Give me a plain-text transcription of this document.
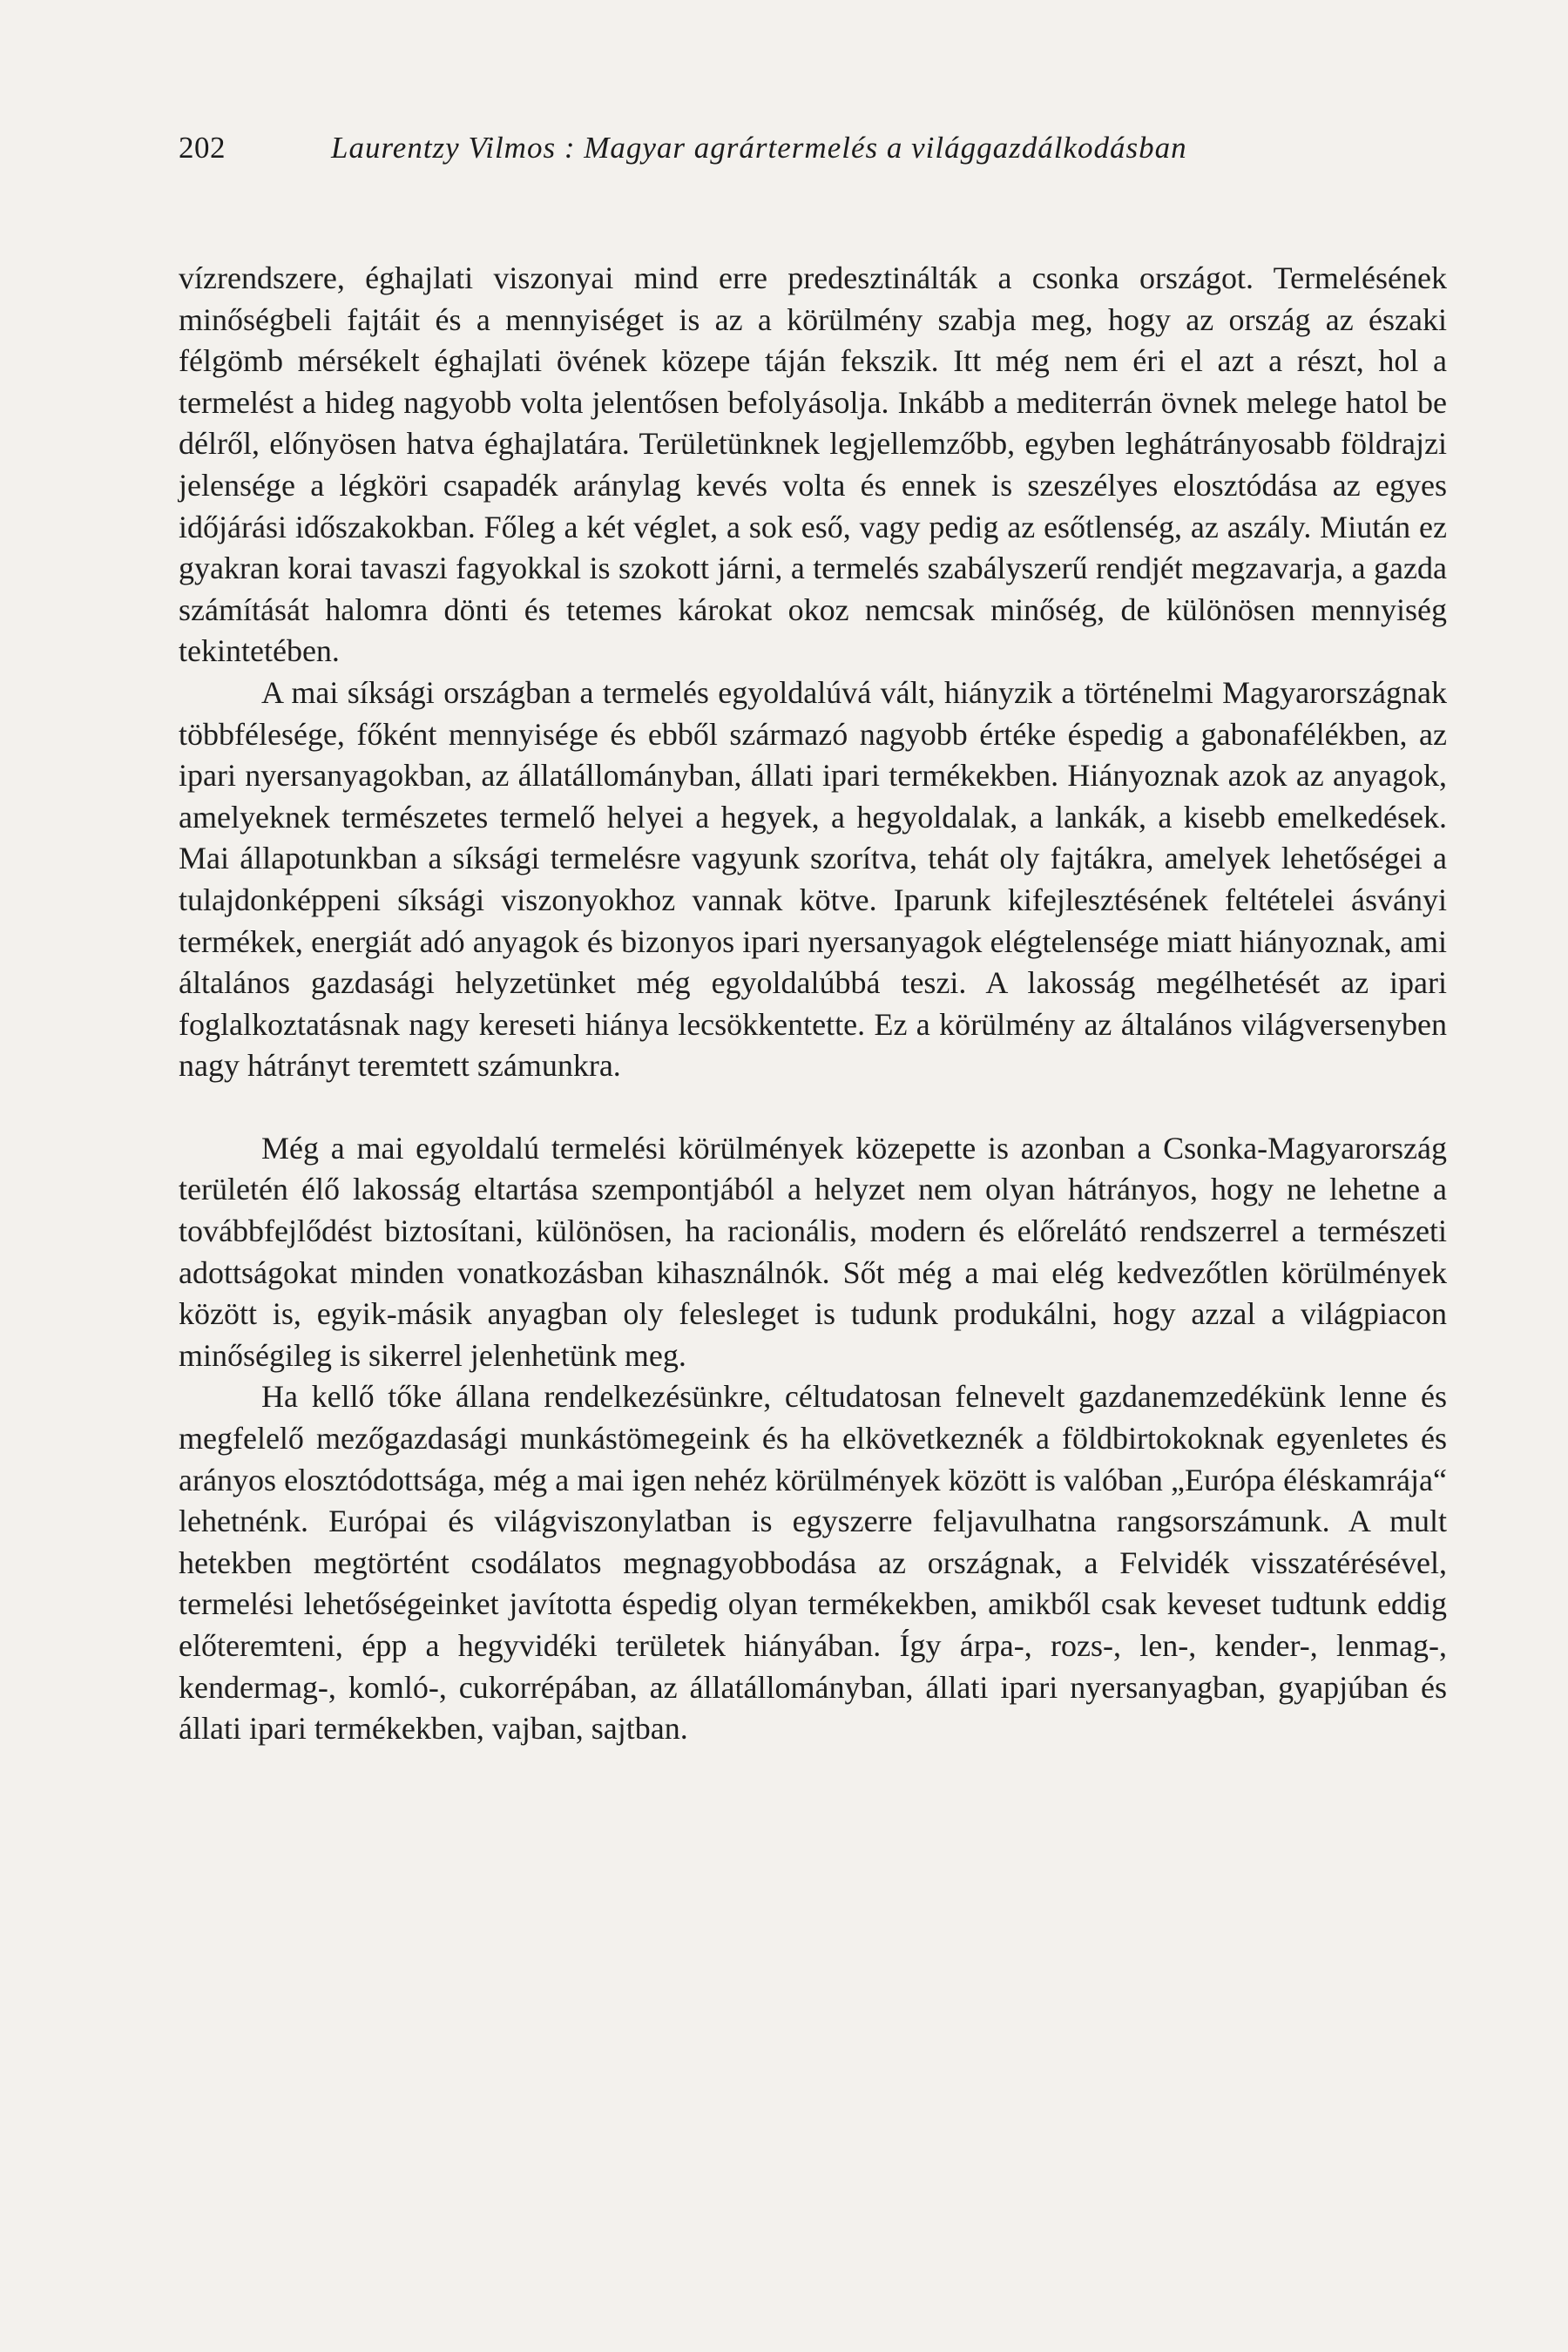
202	Laurentzy Vilmos : Magyar agrártermelés a világgazdálkodásban

vízrendszere, éghajlati viszonyai mind erre predesztinálták a csonka országot. Termelésének minőségbeli fajtáit és a mennyiséget is az a körülmény szabja meg, hogy az ország az északi félgömb mérsékelt éghajlati övének közepe táján fekszik. Itt még nem éri el azt a részt, hol a termelést a hideg nagyobb volta jelentősen befolyásolja. Inkább a mediterrán övnek melege hatol be délről, előnyösen hatva éghajlatára. Területünknek legjellemzőbb, egyben leghátrányosabb földrajzi jelensége a légköri csapadék aránylag kevés volta és ennek is szeszélyes elosztódása az egyes időjárási időszakokban. Főleg a két véglet, a sok eső, vagy pedig az esőtlenség, az aszály. Miután ez gyakran korai tavaszi fagyokkal is szokott járni, a termelés szabályszerű rendjét megzavarja, a gazda számítását halomra dönti és tetemes károkat okoz nemcsak minőség, de különösen mennyiség tekintetében.

A mai síksági országban a termelés egyoldalúvá vált, hiányzik a történelmi Magyarországnak többfélesége, főként mennyisége és ebből származó nagyobb értéke éspedig a gabonafélékben, az ipari nyersanyagokban, az állatállományban, állati ipari termékekben. Hiányoznak azok az anyagok, amelyeknek természetes termelő helyei a hegyek, a hegyoldalak, a lankák, a kisebb emelkedések. Mai állapotunkban a síksági termelésre vagyunk szorítva, tehát oly fajtákra, amelyek lehetőségei a tulajdonképpeni síksági viszonyokhoz vannak kötve. Iparunk kifejlesztésének feltételei ásványi termékek, energiát adó anyagok és bizonyos ipari nyersanyagok elégtelensége miatt hiányoznak, ami általános gazdasági helyzetünket még egyoldalúbbá teszi. A lakosság megélhetését az ipari foglalkoztatásnak nagy kereseti hiánya lecsökkentette. Ez a körülmény az általános világversenyben nagy hátrányt teremtett számunkra.

Még a mai egyoldalú termelési körülmények közepette is azonban a Csonka-Magyarország területén élő lakosság eltartása szempontjából a helyzet nem olyan hátrányos, hogy ne lehetne a továbbfejlődést biztosítani, különösen, ha racionális, modern és előrelátó rendszerrel a természeti adottságokat minden vonatkozásban kihasználnók. Sőt még a mai elég kedvezőtlen körülmények között is, egyik-másik anyagban oly felesleget is tudunk produkálni, hogy azzal a világpiacon minőségileg is sikerrel jelenhetünk meg.

Ha kellő tőke állana rendelkezésünkre, céltudatosan felnevelt gazdanemzedékünk lenne és megfelelő mezőgazdasági munkástömegeink és ha elkövetkeznék a földbirtokoknak egyenletes és arányos elosztódottsága, még a mai igen nehéz körülmények között is valóban „Európa éléskamrája“ lehetnénk. Európai és világviszonylatban is egyszerre feljavulhatna rangsorszámunk. A mult hetekben megtörtént csodálatos megnagyobbodása az országnak, a Felvidék visszatérésével, termelési lehetőségeinket javította éspedig olyan termékekben, amikből csak keveset tudtunk eddig előteremteni, épp a hegyvidéki területek hiányában. Így árpa-, rozs-, len-, kender-, lenmag-, kendermag-, komló-, cukorrépában, az állatállományban, állati ipari nyersanyagban, gyapjúban és állati ipari termékekben, vajban, sajtban.
